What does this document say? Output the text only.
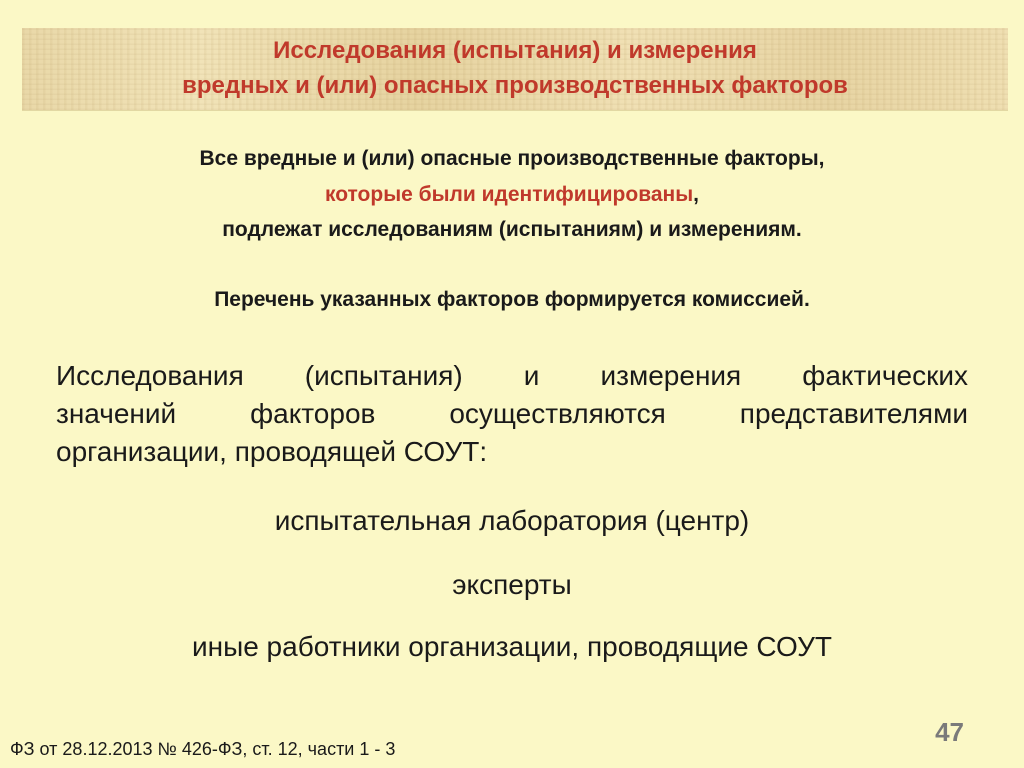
Исследования (испытания) и измерения
вредных и (или) опасных производственных факторов
Все вредные и (или) опасные производственные факторы,
которые были идентифицированы,
подлежат исследованиям (испытаниям) и измерениям.
Перечень указанных факторов формируется комиссией.
Исследования (испытания) и измерения фактических
значений	факторов	осуществляются	представителями
организации, проводящей СОУТ:
испытательная лаборатория (центр)
эксперты
иные работники организации, проводящие СОУТ
47
ФЗ от 28.12.2013 № 426-ФЗ, ст. 12, части 1 - 3
